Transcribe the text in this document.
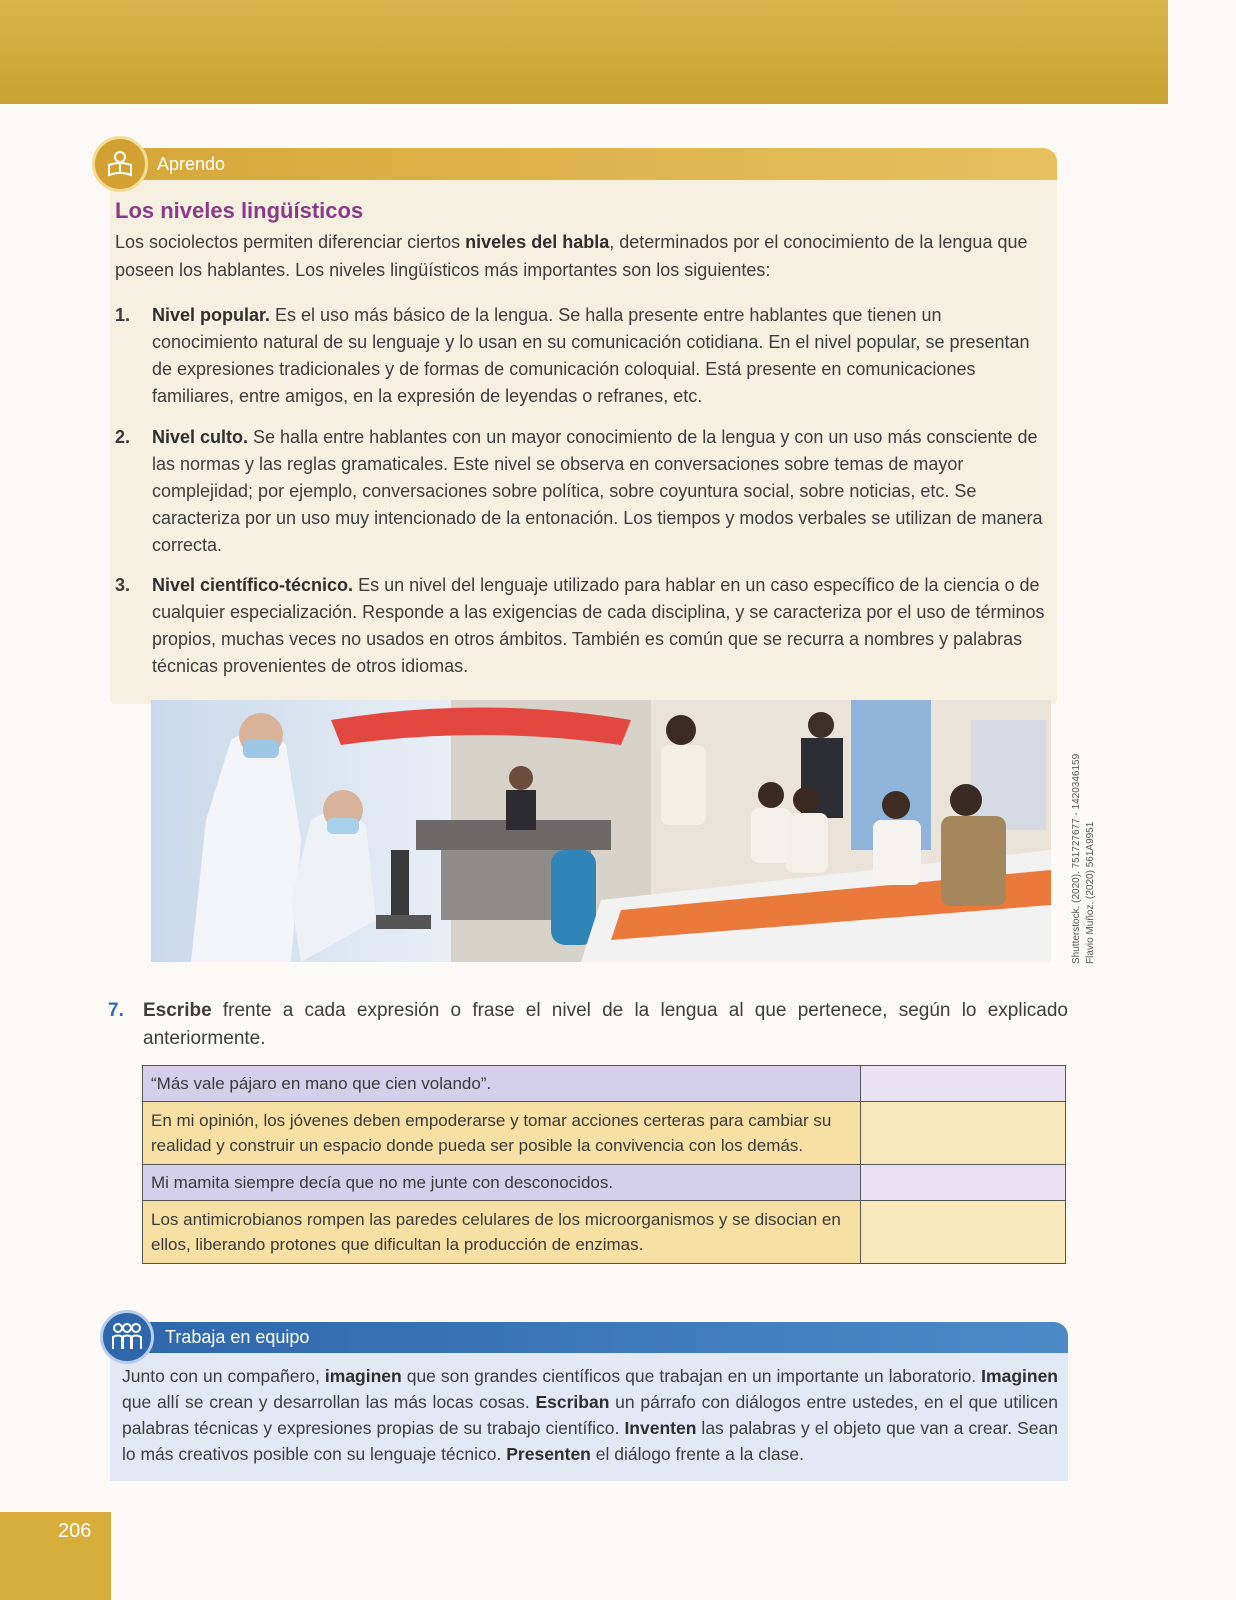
Aprendo
Los niveles lingüísticos
Los sociolectos permiten diferenciar ciertos niveles del habla, determinados por el conocimiento de la lengua que poseen los hablantes. Los niveles lingüísticos más importantes son los siguientes:
1. Nivel popular. Es el uso más básico de la lengua. Se halla presente entre hablantes que tienen un conocimiento natural de su lenguaje y lo usan en su comunicación cotidiana. En el nivel popular, se presentan de expresiones tradicionales y de formas de comunicación coloquial. Está presente en comunicaciones familiares, entre amigos, en la expresión de leyendas o refranes, etc.
2. Nivel culto. Se halla entre hablantes con un mayor conocimiento de la lengua y con un uso más consciente de las normas y las reglas gramaticales. Este nivel se observa en conversaciones sobre temas de mayor complejidad; por ejemplo, conversaciones sobre política, sobre coyuntura social, sobre noticias, etc. Se caracteriza por un uso muy intencionado de la entonación. Los tiempos y modos verbales se utilizan de manera correcta.
3. Nivel científico-técnico. Es un nivel del lenguaje utilizado para hablar en un caso específico de la ciencia o de cualquier especialización. Responde a las exigencias de cada disciplina, y se caracteriza por el uso de términos propios, muchas veces no usados en otros ámbitos. También es común que se recurra a nombres y palabras técnicas provenientes de otros idiomas.
Shutterstock. (2020). 751727677 - 1420346159 Flavio Muñoz. (2020) 561A9951
7. Escribe frente a cada expresión o frase el nivel de la lengua al que pertenece, según lo explicado anteriormente.
“Más vale pájaro en mano que cien volando”.	
En mi opinión, los jóvenes deben empoderarse y tomar acciones certeras para cambiar su realidad y construir un espacio donde pueda ser posible la convivencia con los demás.	
Mi mamita siempre decía que no me junte con desconocidos.	
Los antimicrobianos rompen las paredes celulares de los microorganismos y se disocian en ellos, liberando protones que dificultan la producción de enzimas.	
Trabaja en equipo
Junto con un compañero, imaginen que son grandes científicos que trabajan en un importante un laboratorio. Imaginen que allí se crean y desarrollan las más locas cosas. Escriban un párrafo con diálogos entre ustedes, en el que utilicen palabras técnicas y expresiones propias de su trabajo científico. Inventen las palabras y el objeto que van a crear. Sean lo más creativos posible con su lenguaje técnico. Presenten el diálogo frente a la clase.
206
